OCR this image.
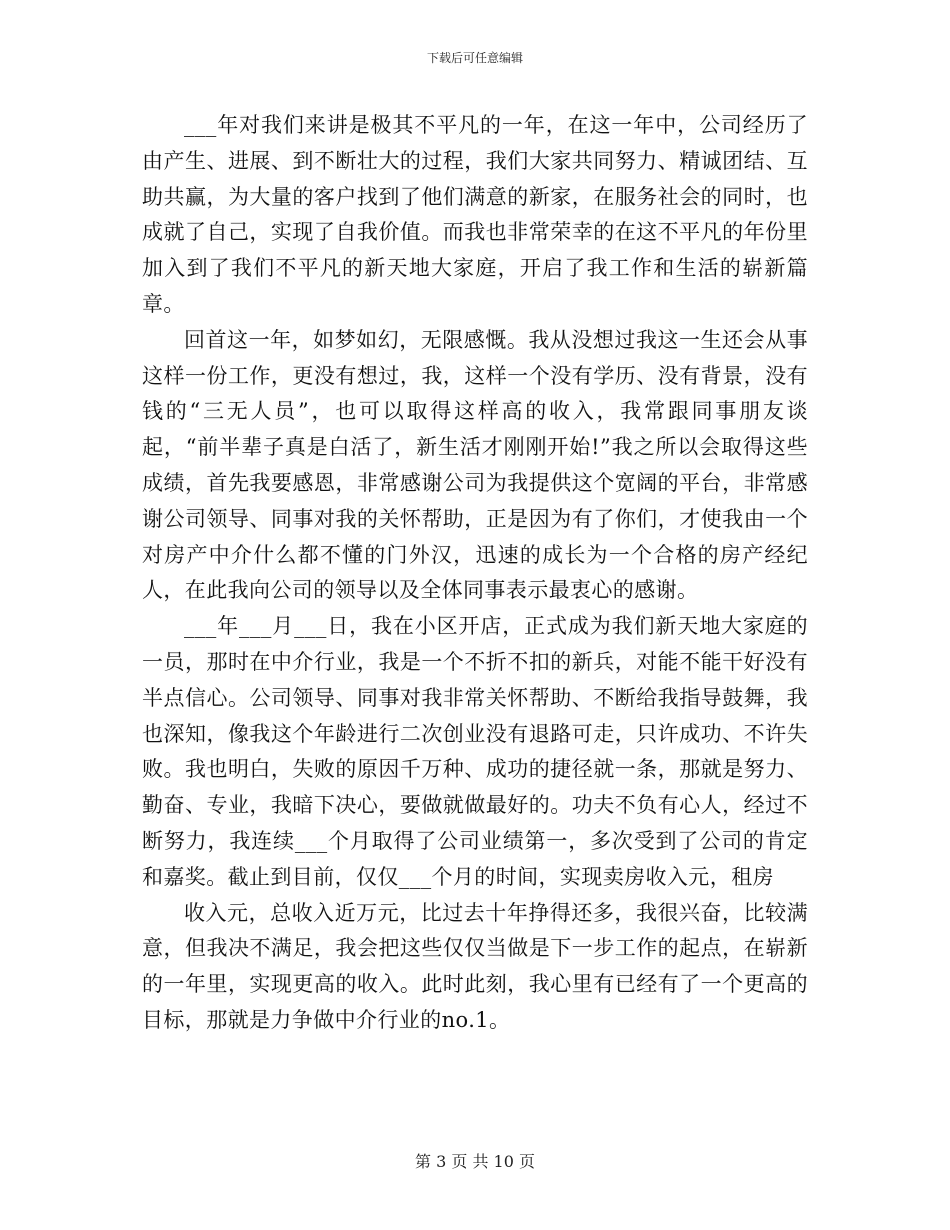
下载后可任意编辑

___年对我们来讲是极其不平凡的一年，在这一年中，公司经历了由产生、进展、到不断壮大的过程，我们大家共同努力、精诚团结、互助共赢，为大量的客户找到了他们满意的新家，在服务社会的同时，也成就了自己，实现了自我价值。而我也非常荣幸的在这不平凡的年份里加入到了我们不平凡的新天地大家庭，开启了我工作和生活的崭新篇章。

回首这一年，如梦如幻，无限感慨。我从没想过我这一生还会从事这样一份工作，更没有想过，我，这样一个没有学历、没有背景，没有钱的“三无人员”，也可以取得这样高的收入，我常跟同事朋友谈起，“前半辈子真是白活了，新生活才刚刚开始!”我之所以会取得这些成绩，首先我要感恩，非常感谢公司为我提供这个宽阔的平台，非常感谢公司领导、同事对我的关怀帮助，正是因为有了你们，才使我由一个对房产中介什么都不懂的门外汉，迅速的成长为一个合格的房产经纪人，在此我向公司的领导以及全体同事表示最衷心的感谢。

___年___月___日，我在小区开店，正式成为我们新天地大家庭的一员，那时在中介行业，我是一个不折不扣的新兵，对能不能干好没有半点信心。公司领导、同事对我非常关怀帮助、不断给我指导鼓舞，我也深知，像我这个年龄进行二次创业没有退路可走，只许成功、不许失败。我也明白，失败的原因千万种、成功的捷径就一条，那就是努力、勤奋、专业，我暗下决心，要做就做最好的。功夫不负有心人，经过不断努力，我连续___个月取得了公司业绩第一，多次受到了公司的肯定和嘉奖。截止到目前，仅仅___个月的时间，实现卖房收入元，租房

收入元，总收入近万元，比过去十年挣得还多，我很兴奋，比较满意，但我决不满足，我会把这些仅仅当做是下一步工作的起点，在崭新的一年里，实现更高的收入。此时此刻，我心里有已经有了一个更高的目标，那就是力争做中介行业的no.1。

第 3 页 共 10 页
